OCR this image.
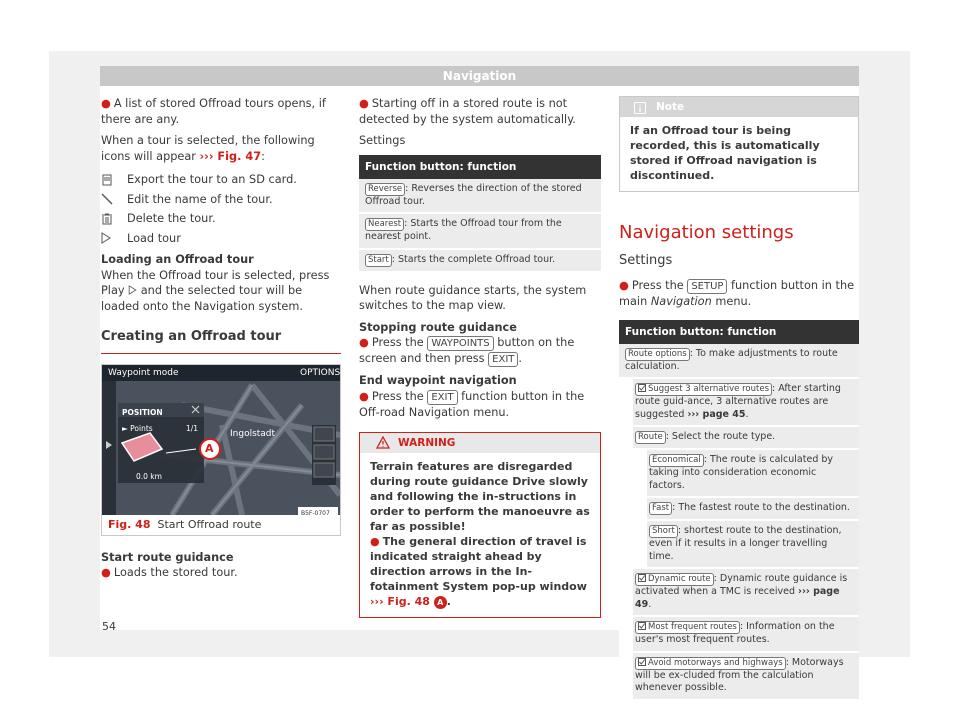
Navigation
● A list of stored Offroad tours opens, if there are any.
When a tour is selected, the following icons will appear ››› Fig. 47:
Export the tour to an SD card.
Edit the name of the tour.
Delete the tour.
Load tour
Loading an Offroad tour
When the Offroad tour is selected, press Play and the selected tour will be loaded onto the Navigation system.
Creating an Offroad tour
Waypoint mode	OPTIONS
POSITION
► Points	1/1
0.0 km
Ingolstadt
A
B5F-0707
Fig. 48 Start Offroad route
Start route guidance
● Loads the stored tour.
● Starting off in a stored route is not detected by the system automatically.
Settings
Function button: function
Reverse : Reverses the direction of the stored Offroad tour.
Nearest : Starts the Offroad tour from the nearest point.
Start : Starts the complete Offroad tour.
When route guidance starts, the system switches to the map view.
Stopping route guidance
● Press the WAYPOINTS button on the screen and then press EXIT .
End waypoint navigation
● Press the EXIT function button in the Off-road Navigation menu.
WARNING
Terrain features are disregarded during route guidance Drive slowly and following the in-structions in order to perform the manoeuvre as far as possible!
● The general direction of travel is indicated straight ahead by direction arrows in the In-fotainment System pop-up window ››› Fig. 48 A .
Note
If an Offroad tour is being recorded, this is automatically stored if Offroad navigation is discontinued.
Navigation settings
Settings
● Press the SETUP function button in the main Navigation menu.
Function button: function
Route options : To make adjustments to route calculation.
Suggest 3 alternative routes : After starting route guid-ance, 3 alternative routes are suggested ››› page 45.
Route : Select the route type.
Economical : The route is calculated by taking into consideration economic factors.
Fast : The fastest route to the destination.
Short : shortest route to the destination, even if it results in a longer travelling time.
Dynamic route : Dynamic route guidance is activated when a TMC is received ››› page 49.
Most frequent routes : Information on the user's most frequent routes.
Avoid motorways and highways : Motorways will be ex-cluded from the calculation whenever possible.
54
